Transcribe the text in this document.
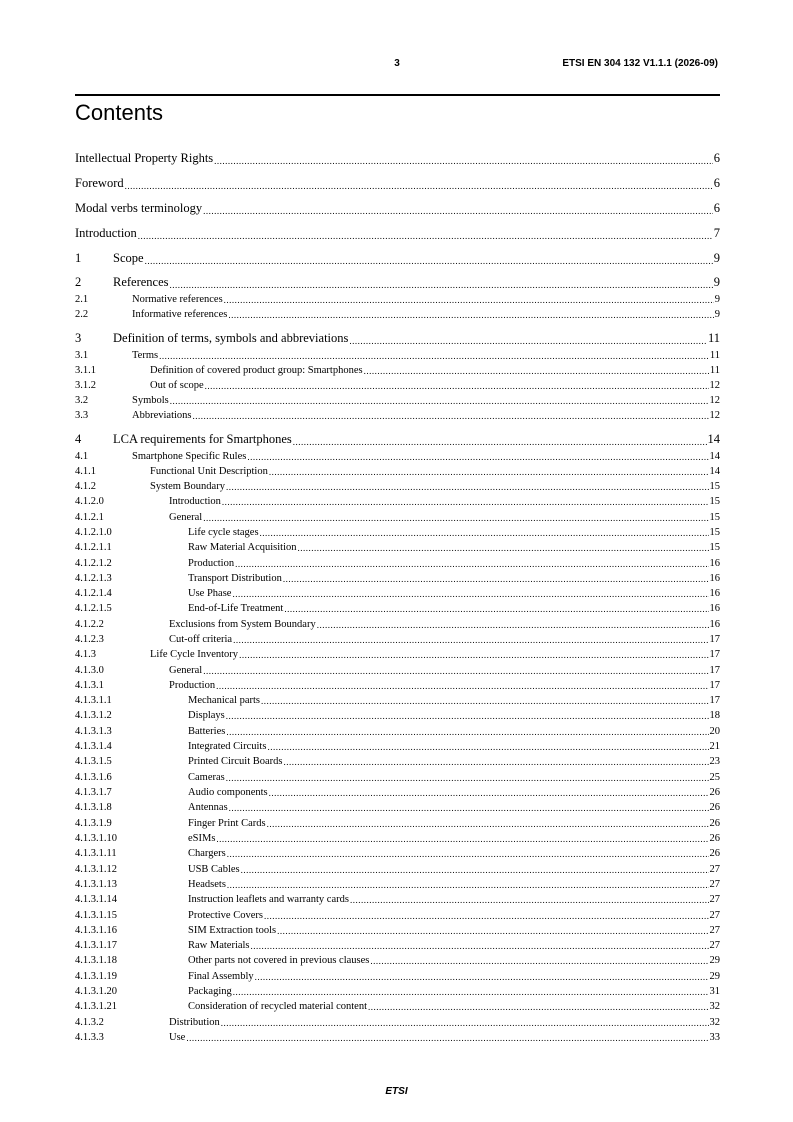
3	ETSI EN 304 132 V1.1.1 (2026-09)
Contents
Intellectual Property Rights .....	6
Foreword .....	6
Modal verbs terminology .....	6
Introduction .....	7
1	Scope .....	9
2	References .....	9
2.1	Normative references .....	9
2.2	Informative references .....	9
3	Definition of terms, symbols and abbreviations .....	11
3.1	Terms .....	11
3.1.1	Definition of covered product group: Smartphones .....	11
3.1.2	Out of scope .....	12
3.2	Symbols .....	12
3.3	Abbreviations .....	12
4	LCA requirements for Smartphones .....	14
4.1	Smartphone Specific Rules .....	14
4.1.1	Functional Unit Description .....	14
4.1.2	System Boundary .....	15
4.1.2.0	Introduction .....	15
4.1.2.1	General .....	15
4.1.2.1.0	Life cycle stages .....	15
4.1.2.1.1	Raw Material Acquisition .....	15
4.1.2.1.2	Production .....	16
4.1.2.1.3	Transport Distribution .....	16
4.1.2.1.4	Use Phase .....	16
4.1.2.1.5	End-of-Life Treatment .....	16
4.1.2.2	Exclusions from System Boundary .....	16
4.1.2.3	Cut-off criteria .....	17
4.1.3	Life Cycle Inventory .....	17
4.1.3.0	General .....	17
4.1.3.1	Production .....	17
4.1.3.1.1	Mechanical parts .....	17
4.1.3.1.2	Displays .....	18
4.1.3.1.3	Batteries .....	20
4.1.3.1.4	Integrated Circuits .....	21
4.1.3.1.5	Printed Circuit Boards .....	23
4.1.3.1.6	Cameras .....	25
4.1.3.1.7	Audio components .....	26
4.1.3.1.8	Antennas .....	26
4.1.3.1.9	Finger Print Cards .....	26
4.1.3.1.10	eSIMs .....	26
4.1.3.1.11	Chargers .....	26
4.1.3.1.12	USB Cables .....	27
4.1.3.1.13	Headsets .....	27
4.1.3.1.14	Instruction leaflets and warranty cards .....	27
4.1.3.1.15	Protective Covers .....	27
4.1.3.1.16	SIM Extraction tools .....	27
4.1.3.1.17	Raw Materials .....	27
4.1.3.1.18	Other parts not covered in previous clauses .....	29
4.1.3.1.19	Final Assembly .....	29
4.1.3.1.20	Packaging .....	31
4.1.3.1.21	Consideration of recycled material content .....	32
4.1.3.2	Distribution .....	32
4.1.3.3	Use .....	33
ETSI
